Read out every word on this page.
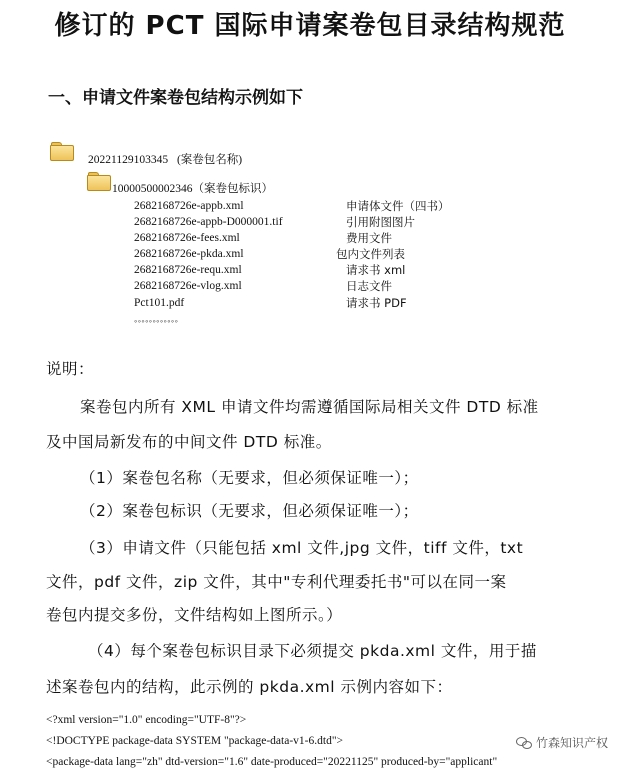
修订的 PCT 国际申请案卷包目录结构规范
一、申请文件案卷包结构示例如下
20221129103345 (案卷包名称)
10000500002346（案卷包标识）
2682168726e-appb.xml	申请体文件（四书）
2682168726e-appb-D000001.tif	引用附图图片
2682168726e-fees.xml	费用文件
2682168726e-pkda.xml	包内文件列表
2682168726e-requ.xml	请求书 xml
2682168726e-vlog.xml	日志文件
Pct101.pdf	请求书 PDF
◦◦◦◦◦◦◦◦◦◦◦◦
说明：
案卷包内所有 XML 申请文件均需遵循国际局相关文件 DTD 标准
及中国局新发布的中间文件 DTD 标准。
（1）案卷包名称（无要求，但必须保证唯一）；
（2）案卷包标识（无要求，但必须保证唯一）；
（3）申请文件（只能包括 xml 文件,jpg 文件，tiff 文件，txt
文件，pdf 文件，zip 文件，其中"专利代理委托书"可以在同一案
卷包内提交多份，文件结构如上图所示。）
（4）每个案卷包标识目录下必须提交 pkda.xml 文件，用于描
述案卷包内的结构，此示例的 pkda.xml 示例内容如下：
<?xml version="1.0" encoding="UTF-8"?>
<!DOCTYPE package-data SYSTEM "package-data-v1-6.dtd">
<package-data lang="zh" dtd-version="1.6" date-produced="20221125" produced-by="applicant"
竹森知识产权
